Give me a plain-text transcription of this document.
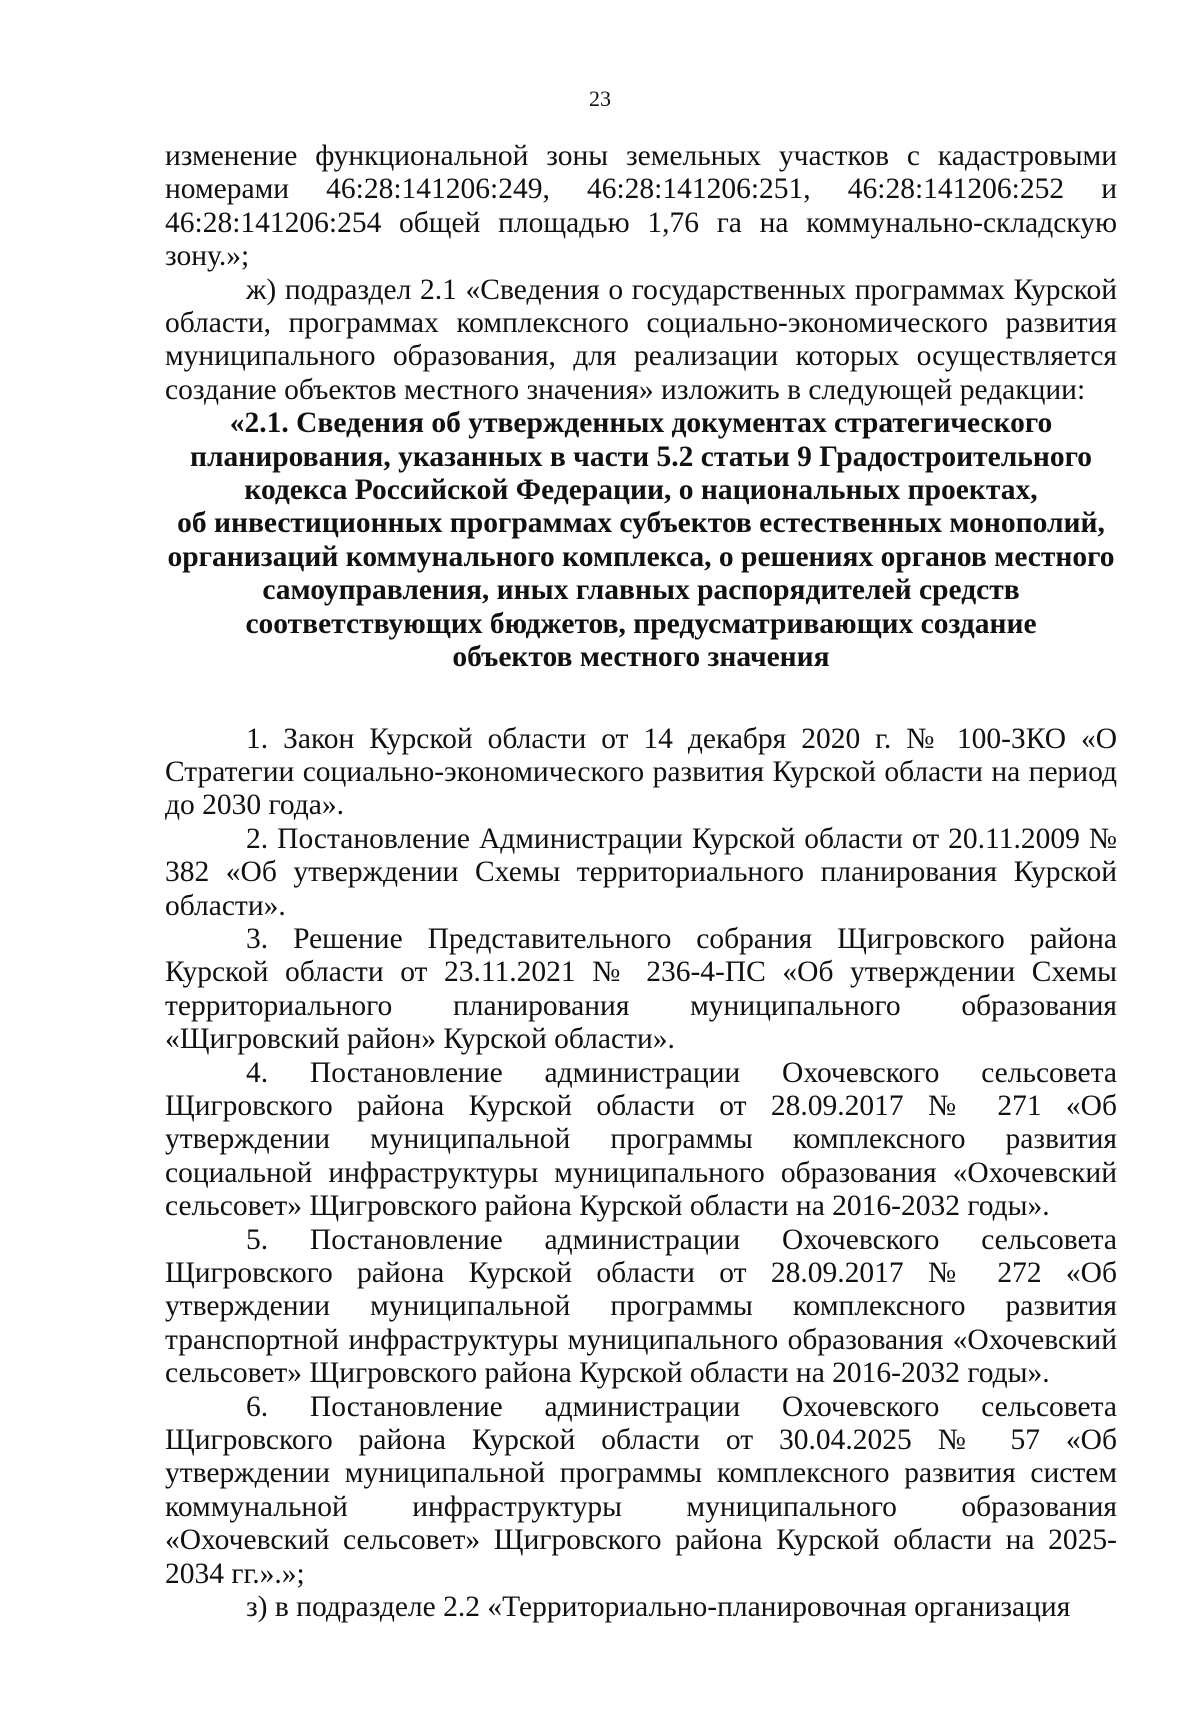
23

изменение функциональной зоны земельных участков с кадастровыми номерами 46:28:141206:249, 46:28:141206:251, 46:28:141206:252 и 46:28:141206:254 общей площадью 1,76 га на коммунально-складскую зону.»;

ж) подраздел 2.1 «Сведения о государственных программах Курской области, программах комплексного социально-экономического развития муниципального образования, для реализации которых осуществляется создание объектов местного значения» изложить в следующей редакции:

«2.1. Сведения об утвержденных документах стратегического
планирования, указанных в части 5.2 статьи 9 Градостроительного
кодекса Российской Федерации, о национальных проектах,
об инвестиционных программах субъектов естественных монополий,
организаций коммунального комплекса, о решениях органов местного
самоуправления, иных главных распорядителей средств
соответствующих бюджетов, предусматривающих создание
объектов местного значения

1. Закон Курской области от 14 декабря 2020 г. № 100-ЗКО «О Стратегии социально-экономического развития Курской области на период до 2030 года».

2. Постановление Администрации Курской области от 20.11.2009 № 382 «Об утверждении Схемы территориального планирования Курской области».

3. Решение Представительного собрания Щигровского района Курской области от 23.11.2021 № 236-4-ПС «Об утверждении Схемы территориального планирования муниципального образования «Щигровский район» Курской области».

4. Постановление администрации Охочевского сельсовета Щигровского района Курской области от 28.09.2017 № 271 «Об утверждении муниципальной программы комплексного развития социальной инфраструктуры муниципального образования «Охочевский сельсовет» Щигровского района Курской области на 2016-2032 годы».

5. Постановление администрации Охочевского сельсовета Щигровского района Курской области от 28.09.2017 № 272 «Об утверждении муниципальной программы комплексного развития транспортной инфраструктуры муниципального образования «Охочевский сельсовет» Щигровского района Курской области на 2016-2032 годы».

6. Постановление администрации Охочевского сельсовета Щигровского района Курской области от 30.04.2025 № 57 «Об утверждении муниципальной программы комплексного развития систем коммунальной инфраструктуры муниципального образования «Охочевский сельсовет» Щигровского района Курской области на 2025-2034 гг.».»;

з) в подразделе 2.2 «Территориально-планировочная организация
